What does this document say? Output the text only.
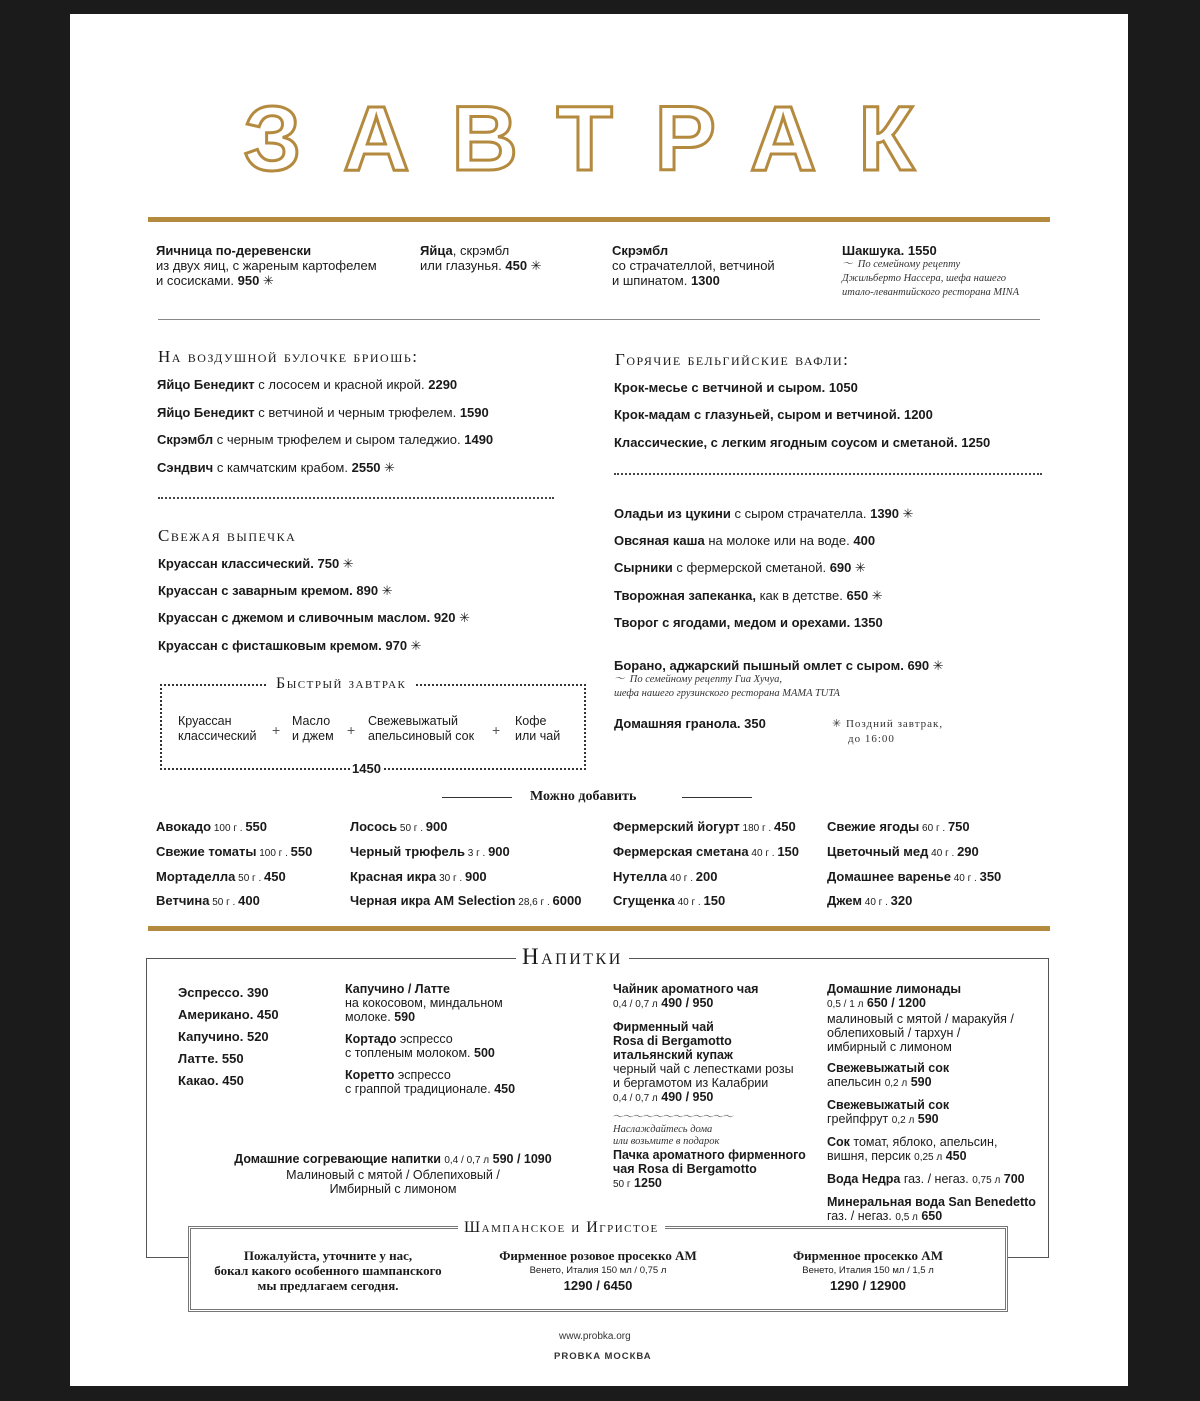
ЗАВТРАК
Яичница по-деревенски
из двух яиц, с жареным картофелем
и сосисками. 950 ✳
Яйца, скрэмбл
или глазунья. 450 ✳
Скрэмбл
со страчателлой, ветчиной
и шпинатом. 1300
Шакшука. 1550
〜  По семейному рецепту
Джильберто Нассера, шефа нашего
итало-левантийского ресторана MINA
На воздушной булочке бриошь:
Яйцо Бенедикт с лососем и красной икрой. 2290
Яйцо Бенедикт с ветчиной и черным трюфелем. 1590
Скрэмбл с черным трюфелем и сыром таледжио. 1490
Сэндвич с камчатским крабом. 2550 ✳
Свежая выпечка
Круассан классический. 750 ✳
Круассан с заварным кремом. 890 ✳
Круассан с джемом и сливочным маслом. 920 ✳
Круассан с фисташковым кремом. 970 ✳
Быстрый завтрак
Круассан
классический +
Масло
и джем +
Свежевыжатый
апельсиновый сок +
Кофе
или чай
1450
Горячие бельгийские вафли:
Крок-месье с ветчиной и сыром. 1050
Крок-мадам с глазуньей, сыром и ветчиной. 1200
Классические, с легким ягодным соусом и сметаной. 1250
Оладьи из цукини с сыром страчателла. 1390 ✳
Овсяная каша на молоке или на воде. 400
Сырники с фермерской сметаной. 690 ✳
Творожная запеканка, как в детстве. 650 ✳
Творог с ягодами, медом и орехами. 1350
Борано, аджарский пышный омлет с сыром. 690 ✳
〜  По семейному рецепту Гиа Хучуа,
шефа нашего грузинского ресторана MAMA TUTA
Домашняя гранола. 350	✳ Поздний завтрак,
до 16:00
Можно добавить
Авокадо 100 г . 550
Свежие томаты 100 г . 550
Мортаделла 50 г . 450
Ветчина 50 г . 400
Лосось 50 г . 900
Черный трюфель 3 г . 900
Красная икра 30 г . 900
Черная икра AM Selection 28,6 г . 6000
Фермерский йогурт 180 г . 450
Фермерская сметана 40 г . 150
Нутелла 40 г . 200
Сгущенка 40 г . 150
Свежие ягоды 60 г . 750
Цветочный мед 40 г . 290
Домашнее варенье 40 г . 350
Джем 40 г . 320
Напитки
Эспрессо. 390
Американо. 450
Капучино. 520
Латте. 550
Какао. 450
Капучино / Латте
на кокосовом, миндальном
молоке. 590
Кортадо эспрессо
с топленым молоком. 500
Коретто эспрессо
с граппой традиционале. 450
Домашние согревающие напитки 0,4 / 0,7 л 590 / 1090
Малиновый с мятой / Облепиховый /
Имбирный с лимоном
Чайник ароматного чая
0,4 / 0,7 л 490 / 950
Фирменный чай
Rosa di Bergamotto
итальянский купаж
черный чай с лепестками розы
и бергамотом из Калабрии
0,4 / 0,7 л 490 / 950
〜〜〜〜〜〜〜〜〜〜〜〜
Наслаждайтесь дома
или возьмите в подарок
Пачка ароматного фирменного
чая Rosa di Bergamotto
50 г 1250
Домашние лимонады
0,5 / 1 л 650 / 1200
малиновый с мятой / маракуйя /
облепиховый / тархун /
имбирный с лимоном
Свежевыжатый сок
апельсин 0,2 л 590
Свежевыжатый сок
грейпфрут 0,2 л 590
Сок томат, яблоко, апельсин,
вишня, персик 0,25 л 450
Вода Недра газ. / негаз. 0,75 л 700
Минеральная вода San Benedetto
газ. / негаз. 0,5 л 650
Шампанское и Игристое
Пожалуйста, уточните у нас,
бокал какого особенного шампанского
мы предлагаем сегодня.
Фирменное розовое просекко AM
Венето, Италия 150 мл / 0,75 л
1290 / 6450
Фирменное просекко AM
Венето, Италия 150 мл / 1,5 л
1290 / 12900
www.probka.org
PROBKA МОСКВА
